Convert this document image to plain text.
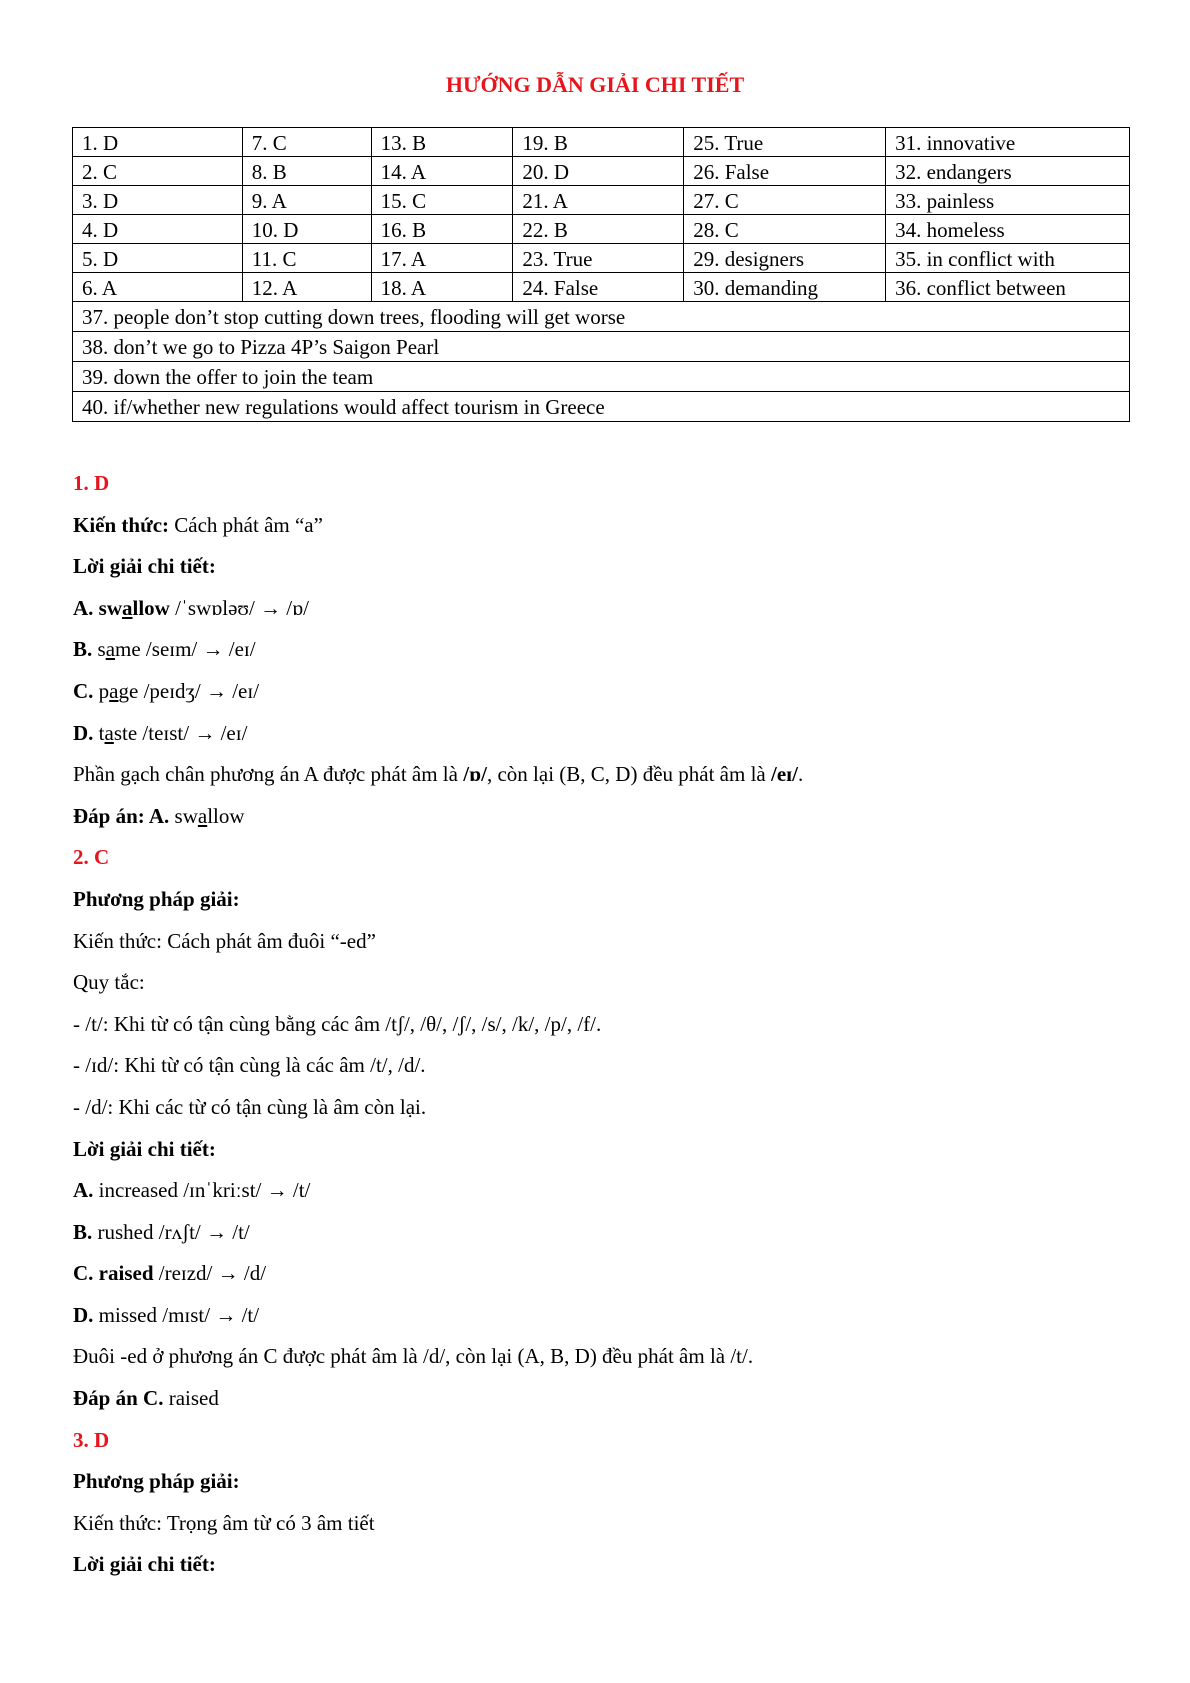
HƯỚNG DẪN GIẢI CHI TIẾT
1. D	7. C	13. B	19. B	25. True	31. innovative
2. C	8. B	14. A	20. D	26. False	32. endangers
3. D	9. A	15. C	21. A	27. C	33. painless
4. D	10. D	16. B	22. B	28. C	34. homeless
5. D	11. C	17. A	23. True	29. designers	35. in conflict with
6. A	12. A	18. A	24. False	30. demanding	36. conflict between
37. people don’t stop cutting down trees, flooding will get worse					
38. don’t we go to Pizza 4P’s Saigon Pearl					
39. down the offer to join the team					
40. if/whether new regulations would affect tourism in Greece					

1. D

Kiến thức: Cách phát âm “a”

Lời giải chi tiết:

A. swallow /ˈswɒləʊ/ → /ɒ/

B. same /seɪm/ → /eɪ/

C. page /peɪdʒ/ → /eɪ/

D. taste /teɪst/ → /eɪ/

Phần gạch chân phương án A được phát âm là /ɒ/, còn lại (B, C, D) đều phát âm là /eɪ/.

Đáp án: A. swallow

2. C

Phương pháp giải:

Kiến thức: Cách phát âm đuôi “-ed”

Quy tắc:

- /t/: Khi từ có tận cùng bằng các âm /tʃ/, /θ/, /ʃ/, /s/, /k/, /p/, /f/.

- /ɪd/: Khi từ có tận cùng là các âm /t/, /d/.

- /d/: Khi các từ có tận cùng là âm còn lại.

Lời giải chi tiết:

A. increased /ɪnˈkriːst/ → /t/

B. rushed /rʌʃt/ → /t/

C. raised /reɪzd/ → /d/

D. missed /mɪst/ → /t/

Đuôi -ed ở phương án C được phát âm là /d/, còn lại (A, B, D) đều phát âm là /t/.

Đáp án C. raised

3. D

Phương pháp giải:

Kiến thức: Trọng âm từ có 3 âm tiết

Lời giải chi tiết:
